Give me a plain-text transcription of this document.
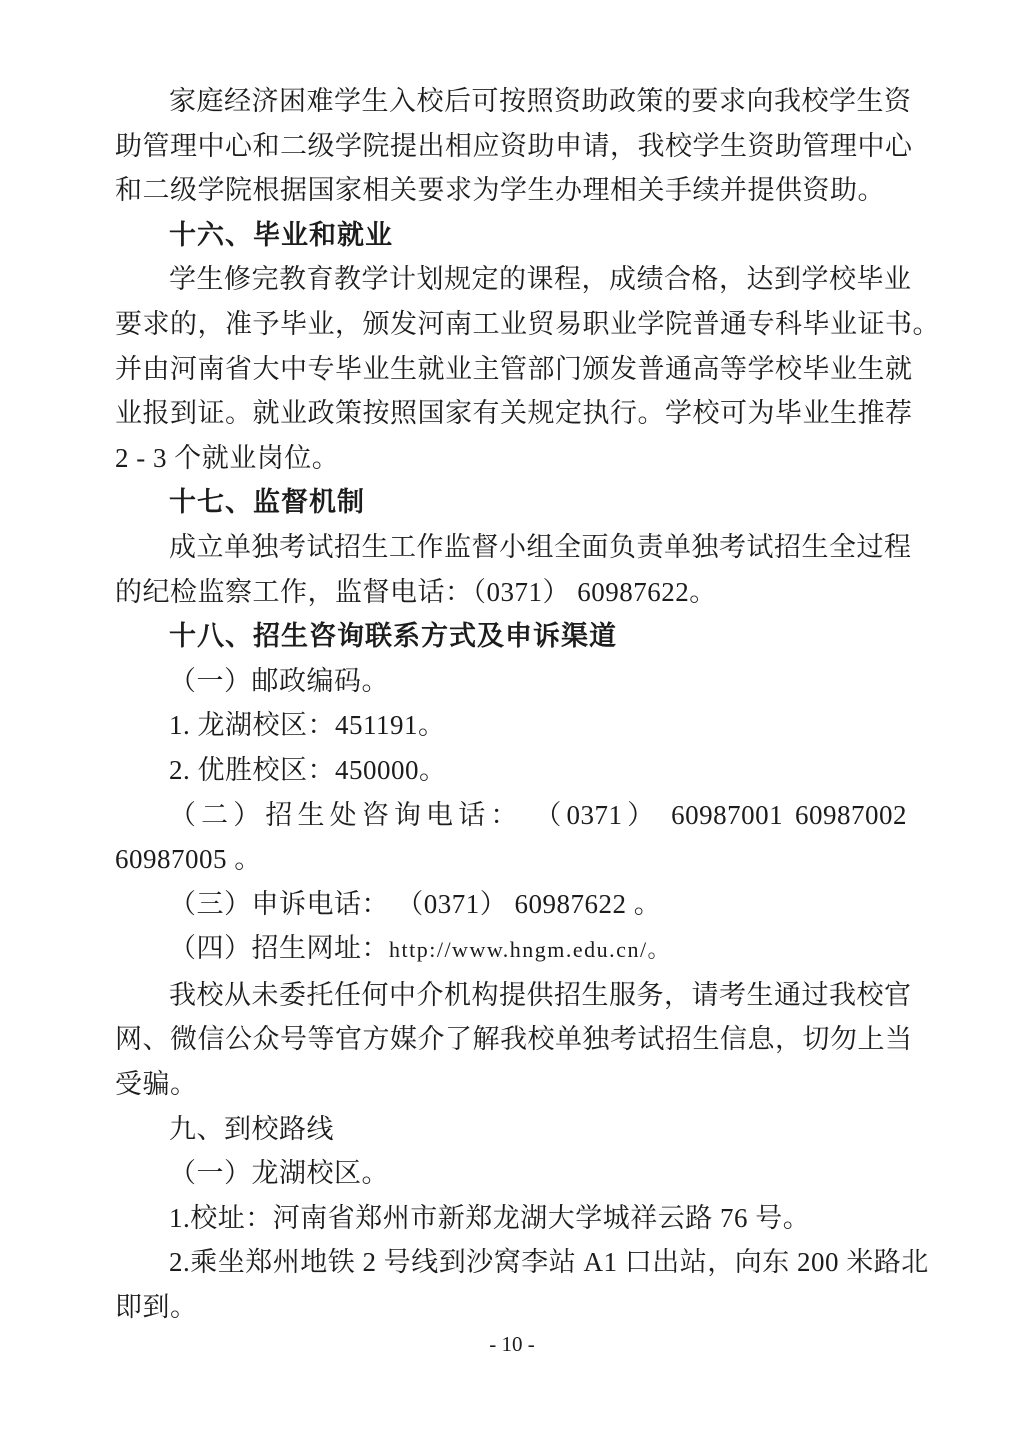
家庭经济困难学生入校后可按照资助政策的要求向我校学生资
助管理中心和二级学院提出相应资助申请，我校学生资助管理中心
和二级学院根据国家相关要求为学生办理相关手续并提供资助。
十六、毕业和就业
学生修完教育教学计划规定的课程，成绩合格，达到学校毕业
要求的，准予毕业，颁发河南工业贸易职业学院普通专科毕业证书。
并由河南省大中专毕业生就业主管部门颁发普通高等学校毕业生就
业报到证。就业政策按照国家有关规定执行。学校可为毕业生推荐
2 - 3 个就业岗位。
十七、监督机制
成立单独考试招生工作监督小组全面负责单独考试招生全过程
的纪检监察工作，监督电话：（0371） 60987622。
十八、招生咨询联系方式及申诉渠道
（一）邮政编码。
1. 龙湖校区：451191。
2. 优胜校区：450000。
（二）招生处咨询电话： （0371） 60987001 60987002
60987005 。
（三）申诉电话： （0371） 60987622 。
（四）招生网址：http://www.hngm.edu.cn/。
我校从未委托任何中介机构提供招生服务，请考生通过我校官
网、微信公众号等官方媒介了解我校单独考试招生信息，切勿上当
受骗。
九、到校路线
（一）龙湖校区。
1.校址：河南省郑州市新郑龙湖大学城祥云路 76 号。
2.乘坐郑州地铁 2 号线到沙窝李站 A1 口出站，向东 200 米路北
即到。
- 10 -
